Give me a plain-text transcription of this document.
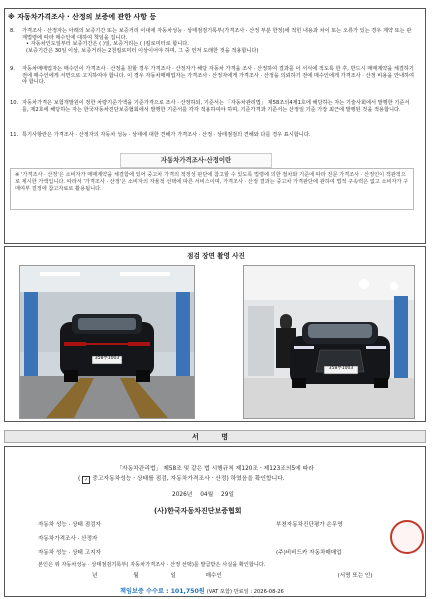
※ 자동차가격조사 · 산정의 보증에 관한 사항 등
8.	가격조사 · 산정자는 아래의 보증기간 또는 보증거리 이내에 자동차성능 · 상태점검기록부(가격조사 · 산정 부분 한정)에 적힌 내용과 차이 또는 오류가 있는 경우 계약 또는 관계법령에 따라 매수인에 대하여 책임을 집니다.
• 자동차인도일부터 보증기간은 ( )일, 보증거리는 ( )킬로미터로 합니다.
(보증기간은 30일 이상, 보증거리는 2천킬로미터 이상이어야 하며, 그 중 먼저 도래한 것을 적용합니다)
9.	자동차매매업자는 매수인이 가격조사 · 산정을 원할 경우 가격조사 · 산정자가 해당 자동차 가격을 조사 · 산정하여 결과를 이 서식에 적도록 한 후, 반드시 매매계약을 체결하기 전에 매수인에게 서면으로 고지하여야 합니다. 이 경우 자동차매매업자는 가격조사 · 산정자에게 가격조사 · 산정을 의뢰하기 전에 매수인에게 가격조사 · 산정 비용을 안내하여야 합니다.
10. 자동차가격은 보험개발원이 정한 차량기준가액을 기준가격으로 조사 · 산정하되, 기준서는 「자동차관리법」 제58조의4제1호에 해당하는 자는 기술사회에서 발행한 기준서를, 제2호에 해당하는 자는 한국자동차진단보증협회에서 발행한 기준서를 각각 적용하여야 하며, 기준가격과 기준서는 산정일 기준 가장 최근에 발행된 것을 적용합니다.
11. 특기사항란은 가격조사 · 산정자의 자동차 성능 · 상태에 대한 견해가 가격조사 · 산정 · 상태점검의 견해와 다를 경우 표시합니다.
자동차가격조사·산정이란
※ '가격조사 · 산정'은 소비자가 매매계약을 체결함에 있어 중고차 가격의 적정성 판단에 참고할 수 있도록 법령에 의한 절차와 기준에 따라 전문 가격조사 · 산정인이 객관적으로 제시한 가액입니다. 따라서 '가격조사 · 산정'은 소비자의 자율적 선택에 따른 서비스이며, 가격조사 · 산정 결과는 중고차 가격판단에 관하여 법적 구속력은 없고 소비자가 구매여부 결정에 참고자료로 활용됩니다.
점검 장면 촬영 사진
358부1003
358부1003
서 명
「자동차관리법」 제58조 및 같은 법 시행규칙 제120조 · 제123조의5에 따라
( ✓ 중고자동차성능 · 상태를 점검, 자동차가격조사 · 산정) 하였음을 확인합니다.
2026년 04월 29일
(사)한국자동차진단보증협회
자동차 성능 · 상태 점검자	부천자동차진단평가 손무영
자동차가격조사 · 산정자
자동차 성능 · 상태 고지자	(주)비비드카 자동차매매업
본인은 위 자동차성능 · 상태점검기록부( 자동차가격조사 · 산정 선택)를 발급받은 사실을 확인합니다.
년	월	일	매수인	(서명 또는 인)
책임보증 수수료 : 101,750원 (VAT 포함) 만료일 : 2026-08-26
